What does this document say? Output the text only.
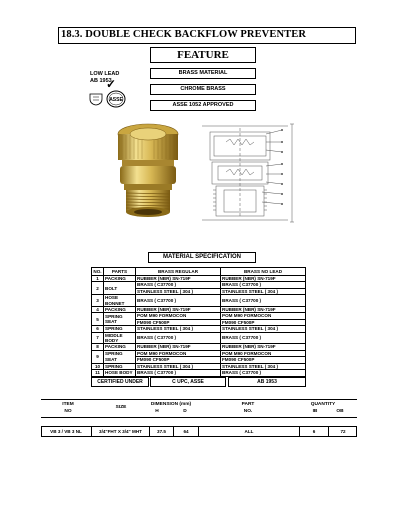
18.3. DOUBLE CHECK BACKFLOW PREVENTER
FEATURE
BRASS MATERIAL
CHROME BRASS
ASSE 1052 APPROVED
LOW LEAD
AB 1953
✓
ASSE
MATERIAL SPECIFICATION
NO.	PARTS	BRASS REGULAR	BRASS NO LEAD
1	PACKING	RUBBER (NBR) SN-719F	RUBBER (NBR) SN-719F
2	BOLT	BRASS ( C37700 )	BRASS ( C37700 )
		STAINLESS STEEL ( 304 )	STAINLESS STEEL ( 304 )
3	HOSE BONNET	BRASS ( C37700 )	BRASS ( C37700 )
4	PACKING	RUBBER (NBR) SN-719F	RUBBER (NBR) SN-719F
5	SPRING SEAT	POM M90 FORMOCON	POM M90 FORMOCON
		FM090 CF500P	FM090 CF500P
6	SPRING	STAINLESS STEEL ( 304 )	STAINLESS STEEL ( 304 )
7	MIDDLE BODY	BRASS ( C37700 )	BRASS ( C37700 )
8	PACKING	RUBBER (NBR) SN-719F	RUBBER (NBR) SN-719F
9	SPRING SEAT	POM M90 FORMOCON	POM M90 FORMOCON
		FM090 CF500P	FM090 CF500P
10	SPRING	STAINLESS STEEL ( 304 )	STAINLESS STEEL ( 304 )
11	HOSE BODY	BRASS ( C37700 )	BRASS ( C37700 )
CERTIFIED UNDER	C UPC, ASSE	AB 1953
ITEM
NO
SIZE
DIMENSION (mm)
H	D
PART
NO.
QUANTITY
IB	OB
VB 3 / VB 3 NL	3/4"FHT X 3/4" MHT	37.5	64	ALL	6	72
